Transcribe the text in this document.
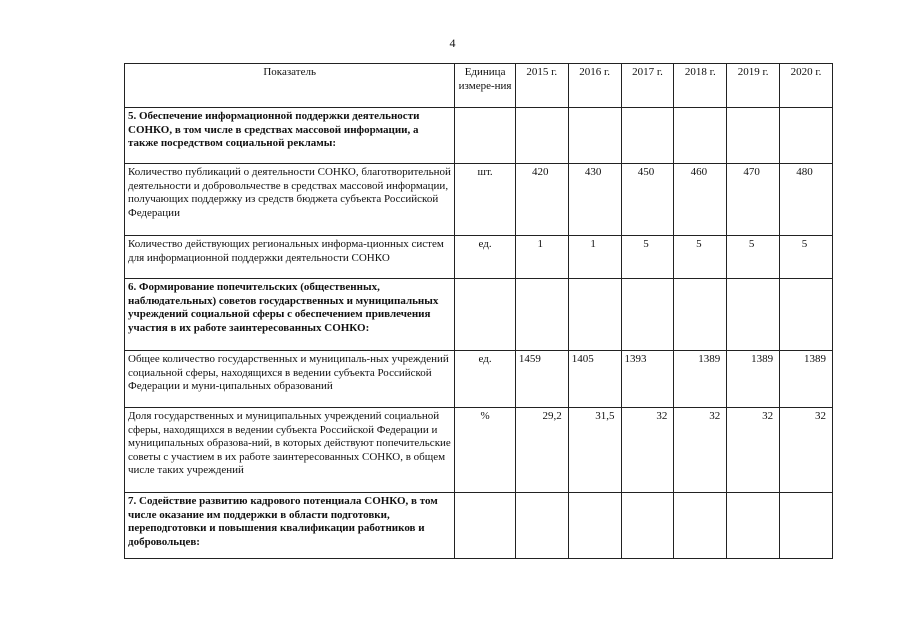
4
Показатель	Единица измере-ния	2015 г.	2016 г.	2017 г.	2018 г.	2019 г.	2020 г.
5. Обеспечение информационной поддержки деятельности СОНКО, в том числе в средствах массовой информации, а также посредством социальной рекламы:							
Количество публикаций о деятельности СОНКО, благотворительной деятельности и добровольчестве в средствах массовой информации, получающих поддержку из средств бюджета субъекта Российской Федерации	шт.	420	430	450	460	470	480
Количество действующих региональных информа-ционных систем для информационной поддержки деятельности СОНКО	ед.	1	1	5	5	5	5
6. Формирование попечительских (общественных, наблюдательных) советов государственных и муниципальных учреждений социальной сферы с обеспечением привлечения участия в их работе заинтересованных СОНКО:							
Общее количество государственных и муниципаль-ных учреждений социальной сферы, находящихся в ведении субъекта Российской Федерации и муни-ципальных образований	ед.	1459	1405	1393	1389	1389	1389
Доля государственных и муниципальных учреждений социальной сферы, находящихся в ведении субъекта Российской Федерации и муниципальных образова-ний, в которых действуют попечительские советы с участием в их работе заинтересованных СОНКО, в общем числе таких учреждений	%	29,2	31,5	32	32	32	32
7. Содействие развитию кадрового потенциала СОНКО, в том числе оказание им поддержки в области подготовки, переподготовки и повышения квалификации работников и добровольцев:							
